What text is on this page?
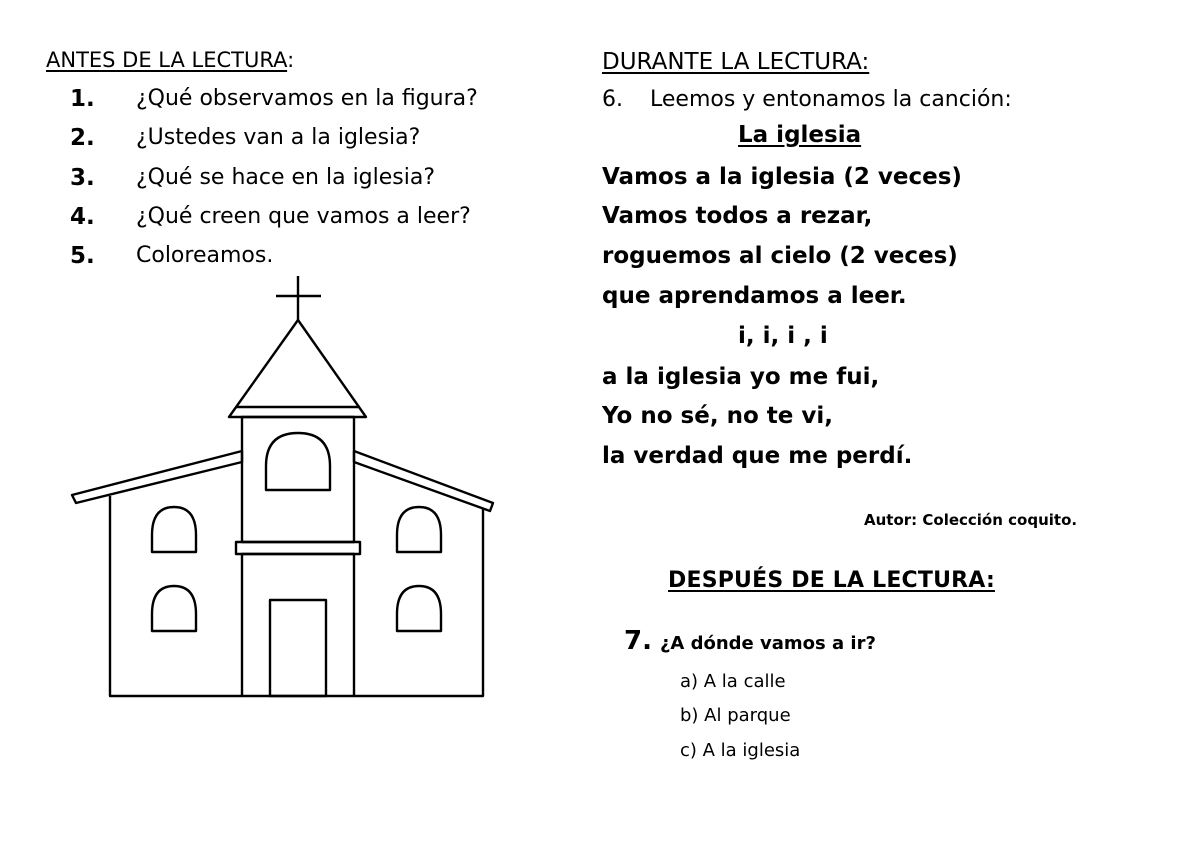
ANTES DE LA LECTURA:
1. ¿Qué observamos en la figura?
2. ¿Ustedes van a la iglesia?
3. ¿Qué se hace en la iglesia?
4. ¿Qué creen que vamos a leer?
5. Coloreamos.
DURANTE LA LECTURA:
6. Leemos y entonamos la canción:
La iglesia
Vamos a la iglesia (2 veces)
Vamos todos a rezar,
roguemos al cielo (2 veces)
que aprendamos a leer.
i, i, i , i
a la iglesia yo me fui,
Yo no sé, no te vi,
la verdad que me perdí.
Autor: Colección coquito.
DESPUÉS DE LA LECTURA:
7. ¿A dónde vamos a ir?
a) A la calle
b) Al parque
c) A la iglesia
